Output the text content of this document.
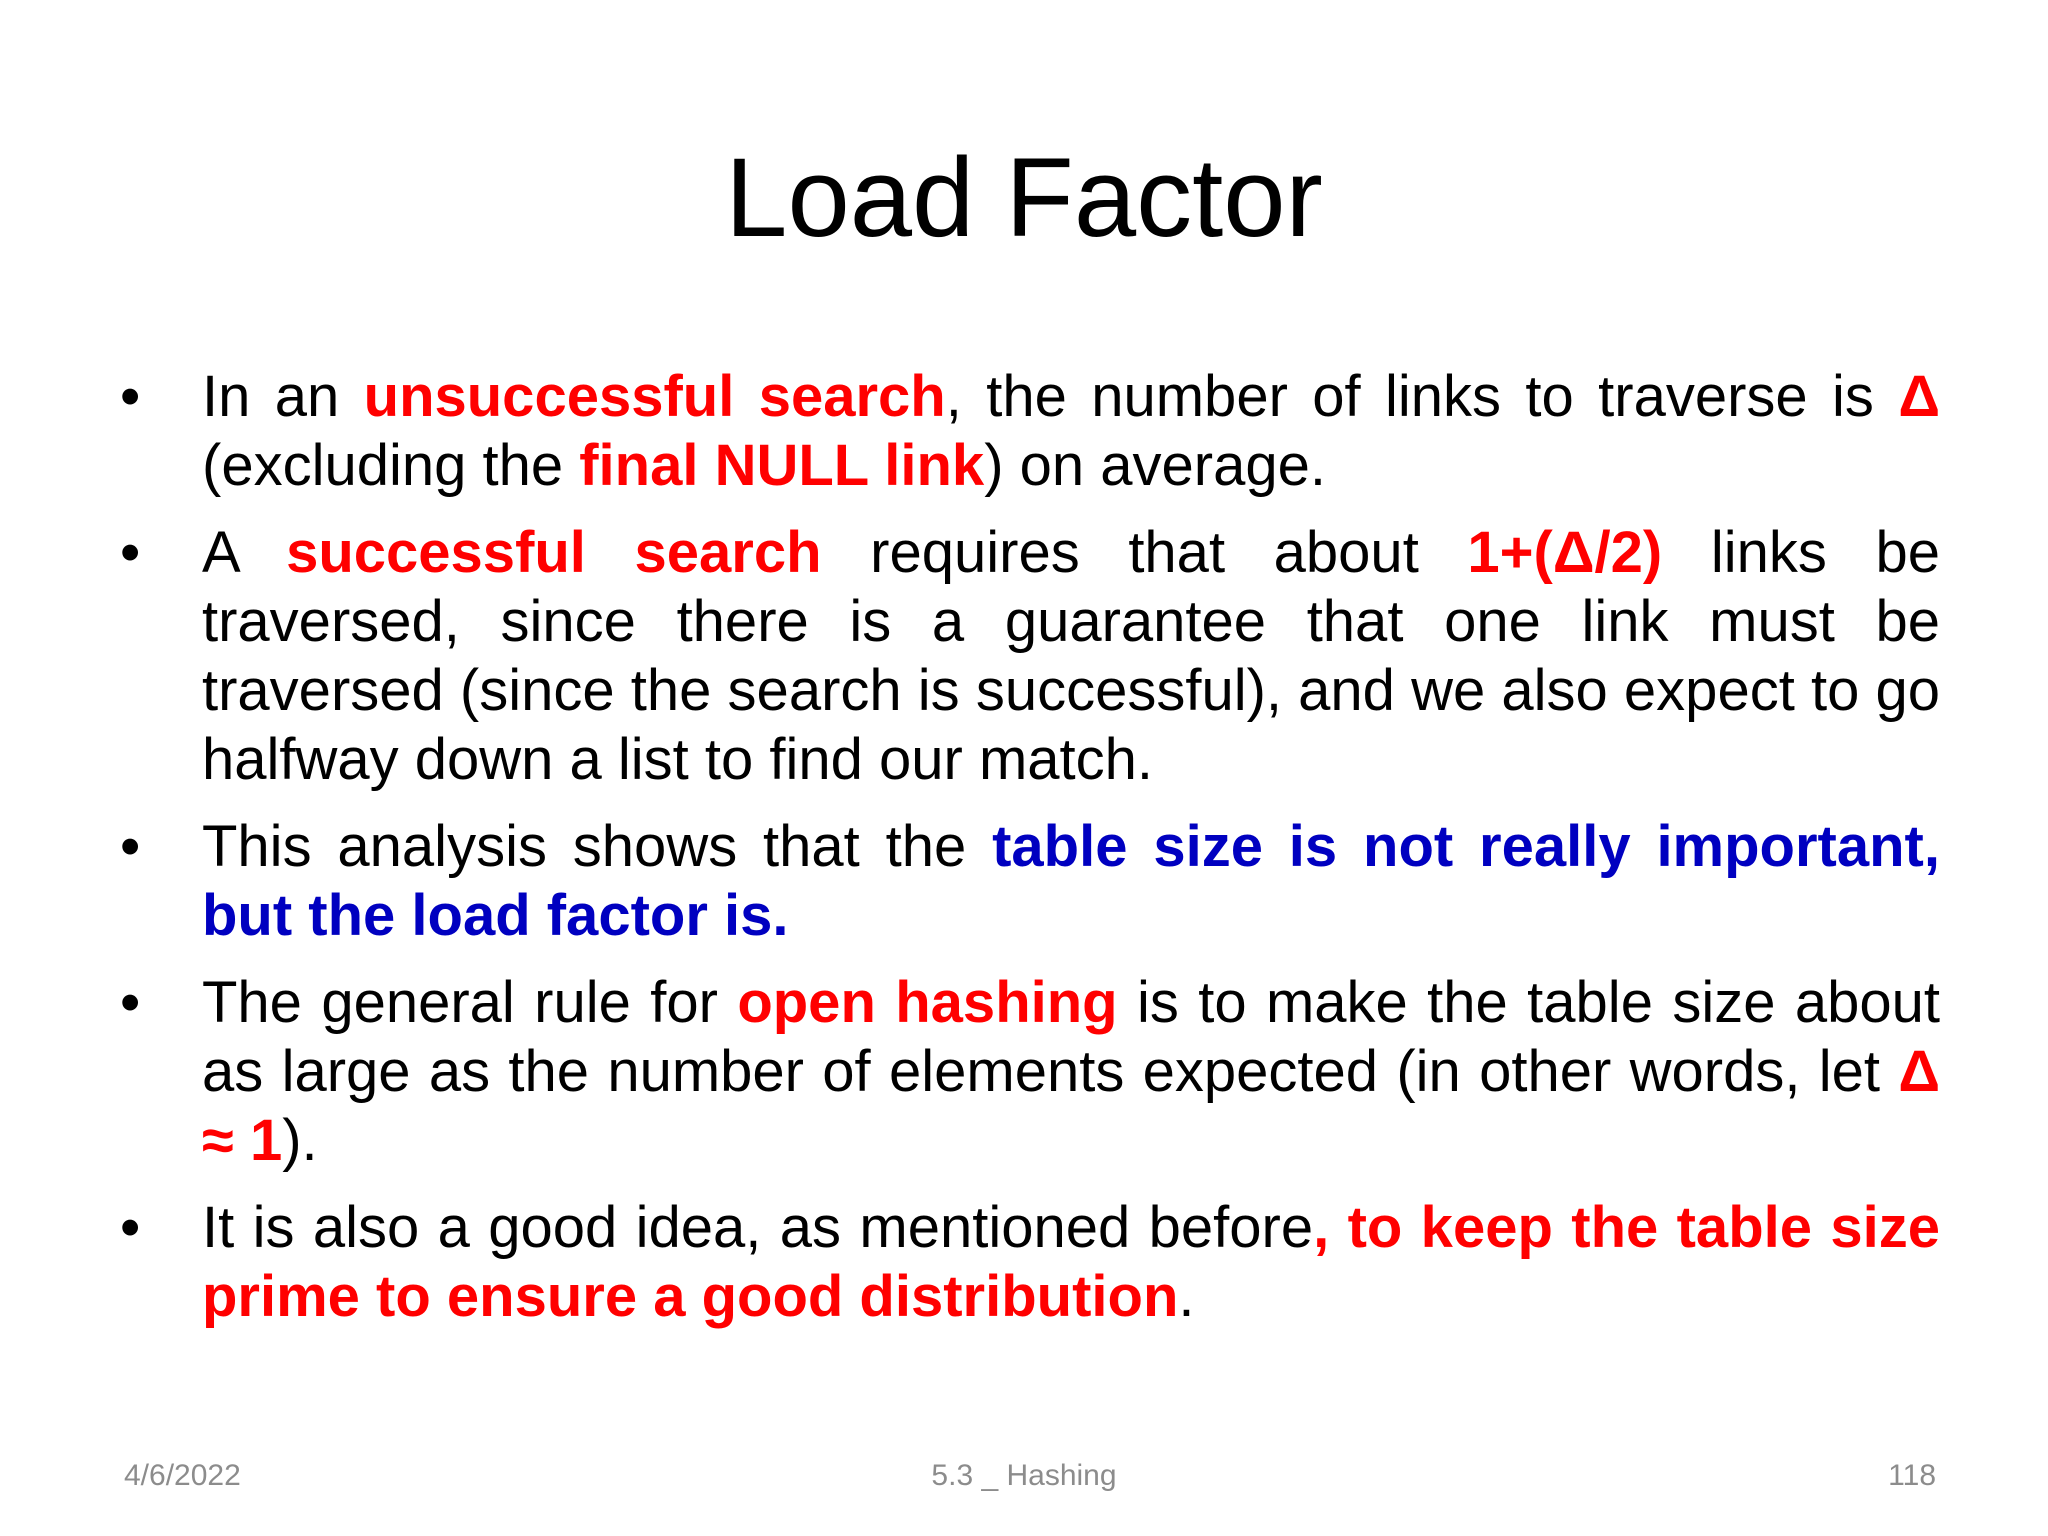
Load Factor
•	In an unsuccessful search, the number of links to traverse is Δ (excluding the final NULL link) on average.
•	A successful search requires that about 1+(Δ/2) links be traversed, since there is a guarantee that one link must be traversed (since the search is successful), and we also expect to go halfway down a list to find our match.
•	This analysis shows that the table size is not really important, but the load factor is.
•	The general rule for open hashing is to make the table size about as large as the number of elements expected (in other words, let Δ ≈ 1).
•	It is also a good idea, as mentioned before, to keep the table size prime to ensure a good distribution.
4/6/2022	5.3 _ Hashing	118
